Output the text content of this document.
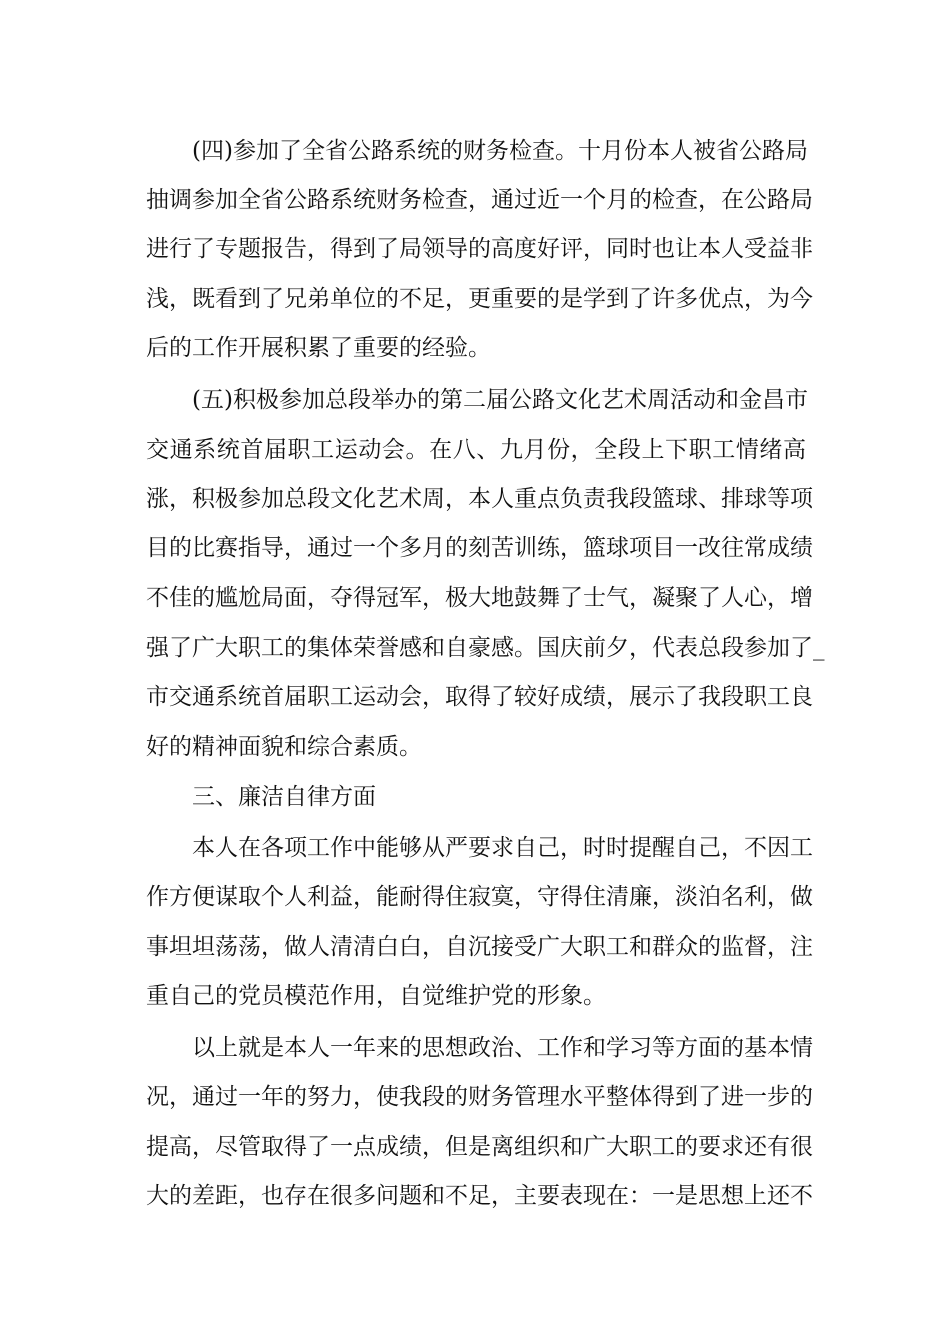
(四)参加了全省公路系统的财务检查。十月份本人被省公路局
抽调参加全省公路系统财务检查，通过近一个月的检查，在公路局
进行了专题报告，得到了局领导的高度好评，同时也让本人受益非
浅，既看到了兄弟单位的不足，更重要的是学到了许多优点，为今
后的工作开展积累了重要的经验。
(五)积极参加总段举办的第二届公路文化艺术周活动和金昌市
交通系统首届职工运动会。在八、九月份，全段上下职工情绪高
涨，积极参加总段文化艺术周，本人重点负责我段篮球、排球等项
目的比赛指导，通过一个多月的刻苦训练，篮球项目一改往常成绩
不佳的尴尬局面，夺得冠军，极大地鼓舞了士气，凝聚了人心，增
强了广大职工的集体荣誉感和自豪感。国庆前夕，代表总段参加了_
市交通系统首届职工运动会，取得了较好成绩，展示了我段职工良
好的精神面貌和综合素质。
三、廉洁自律方面
本人在各项工作中能够从严要求自己，时时提醒自己，不因工
作方便谋取个人利益，能耐得住寂寞，守得住清廉，淡泊名利，做
事坦坦荡荡，做人清清白白，自沉接受广大职工和群众的监督，注
重自己的党员模范作用，自觉维护党的形象。
以上就是本人一年来的思想政治、工作和学习等方面的基本情
况，通过一年的努力，使我段的财务管理水平整体得到了进一步的
提高，尽管取得了一点成绩，但是离组织和广大职工的要求还有很
大的差距，也存在很多问题和不足，主要表现在：一是思想上还不
